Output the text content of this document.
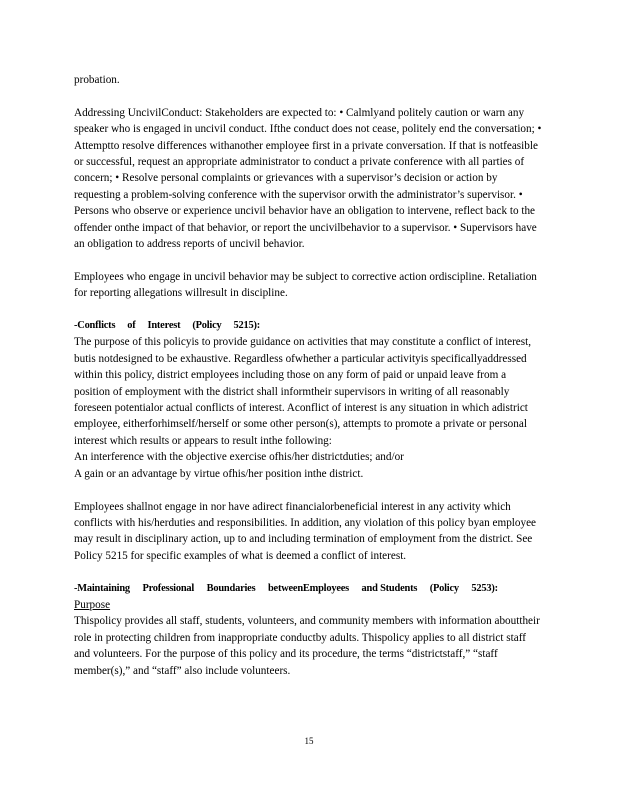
probation.

Addressing UncivilConduct: Stakeholders are expected to: • Calmlyand politely caution or warn any speaker who is engaged in uncivil conduct. Ifthe conduct does not cease, politely end the conversation; • Attemptto resolve differences withanother employee first in a private conversation. If that is notfeasible or successful, request an appropriate administrator to conduct a private conference with all parties of concern; • Resolve personal complaints or grievances with a supervisor’s decision or action by requesting a problem-solving conference with the supervisor orwith the administrator’s supervisor. • Persons who observe or experience uncivil behavior have an obligation to intervene, reflect back to the offender onthe impact of that behavior, or report the uncivilbehavior to a supervisor. • Supervisors have an obligation to address reports of uncivil behavior.

Employees who engage in uncivil behavior may be subject to corrective action ordiscipline. Retaliation for reporting allegations willresult in discipline.

-Conflicts of Interest (Policy 5215):

The purpose of this policyis to provide guidance on activities that may constitute a conflict of interest, butis notdesigned to be exhaustive. Regardless ofwhether a particular activityis specificallyaddressed within this policy, district employees including those on any form of paid or unpaid leave from a position of employment with the district shall informtheir supervisors in writing of all reasonably foreseen potentialor actual conflicts of interest. Aconflict of interest is any situation in which adistrict employee, eitherforhimself/herself or some other person(s), attempts to promote a private or personal interest which results or appears to result inthe following:

An interference with the objective exercise ofhis/her districtduties; and/or

A gain or an advantage by virtue ofhis/her position inthe district.

Employees shallnot engage in nor have adirect financialorbeneficial interest in any activity which conflicts with his/herduties and responsibilities. In addition, any violation of this policy byan employee may result in disciplinary action, up to and including termination of employment from the district. See Policy 5215 for specific examples of what is deemed a conflict of interest.

-Maintaining Professional Boundaries betweenEmployees and Students (Policy 5253):

Purpose

Thispolicy provides all staff, students, volunteers, and community members with information abouttheir role in protecting children from inappropriate conductby adults. Thispolicy applies to all district staff and volunteers. For the purpose of this policy and its procedure, the terms “districtstaff,” “staff member(s),” and “staff” also include volunteers.

15
